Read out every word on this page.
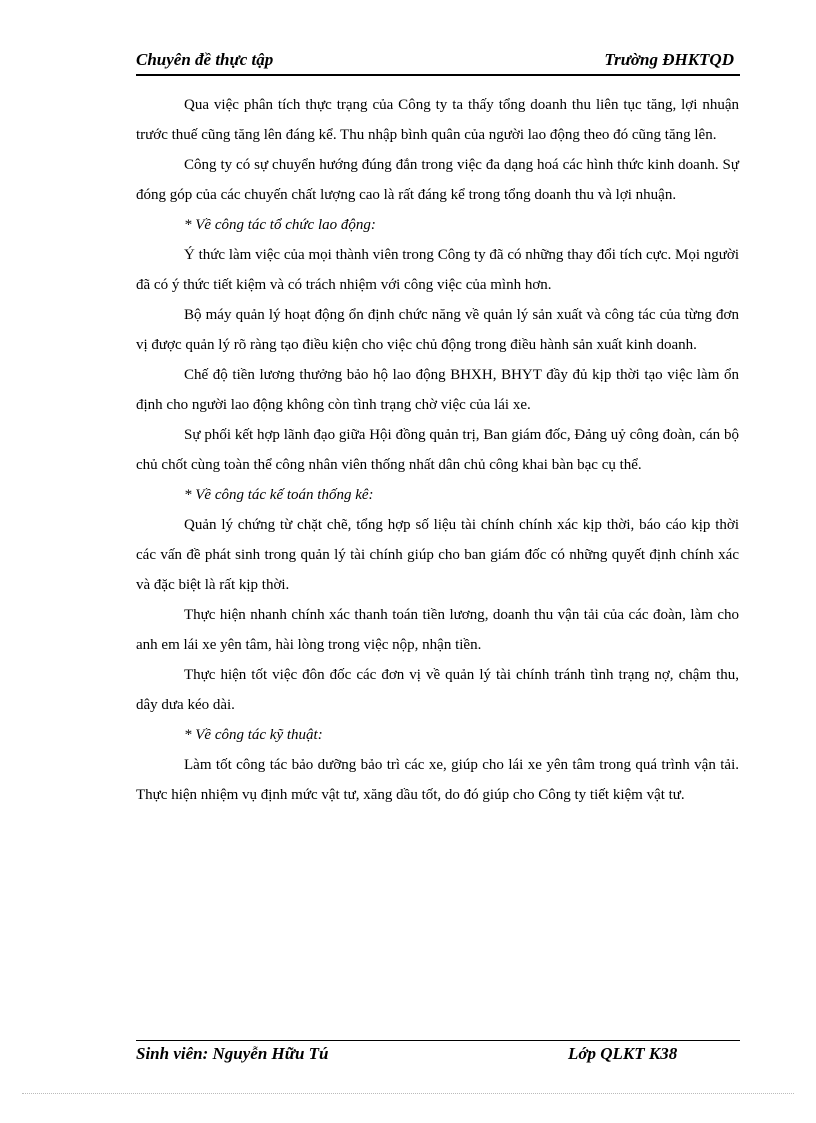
Chuyên đề thực tập	Trường ĐHKTQD

Qua việc phân tích thực trạng của Công ty ta thấy tổng doanh thu liên tục tăng, lợi nhuận trước thuế cũng tăng lên đáng kể. Thu nhập bình quân của người lao động theo đó cũng tăng lên.

Công ty có sự chuyển hướng đúng đắn trong việc đa dạng hoá các hình thức kinh doanh. Sự đóng góp của các chuyến chất lượng cao là rất đáng kể trong tổng doanh thu và lợi nhuận.

* Về công tác tổ chức lao động:

Ý thức làm việc của mọi thành viên trong Công ty đã có những thay đổi tích cực. Mọi người đã có ý thức tiết kiệm và có trách nhiệm với công việc của mình hơn.

Bộ máy quản lý hoạt động ổn định chức năng về quản lý sản xuất và công tác của từng đơn vị được quản lý rõ ràng tạo điều kiện cho việc chủ động trong điều hành sản xuất kinh doanh.

Chế độ tiền lương thưởng bảo hộ lao động BHXH, BHYT đầy đủ kịp thời tạo việc làm ổn định cho người lao động không còn tình trạng chờ việc của lái xe.

Sự phối kết hợp lãnh đạo giữa Hội đồng quản trị, Ban giám đốc, Đảng uỷ công đoàn, cán bộ chủ chốt cùng toàn thể công nhân viên thống nhất dân chủ công khai bàn bạc cụ thể.

* Về công tác kế toán thống kê:

Quản lý chứng từ chặt chẽ, tổng hợp số liệu tài chính chính xác kịp thời, báo cáo kịp thời các vấn đề phát sinh trong quản lý tài chính giúp cho ban giám đốc có những quyết định chính xác và đặc biệt là rất kịp thời.

Thực hiện nhanh chính xác thanh toán tiền lương, doanh thu vận tải của các đoàn, làm cho anh em lái xe yên tâm, hài lòng trong việc nộp, nhận tiền.

Thực hiện tốt việc đôn đốc các đơn vị về quản lý tài chính tránh tình trạng nợ, chậm thu, dây dưa kéo dài.

* Về công tác kỹ thuật:

Làm tốt công tác bảo dưỡng bảo trì các xe, giúp cho lái xe yên tâm trong quá trình vận tải. Thực hiện nhiệm vụ định mức vật tư, xăng dầu tốt, do đó giúp cho Công ty tiết kiệm vật tư.

Sinh viên: Nguyễn Hữu Tú	Lớp QLKT K38
